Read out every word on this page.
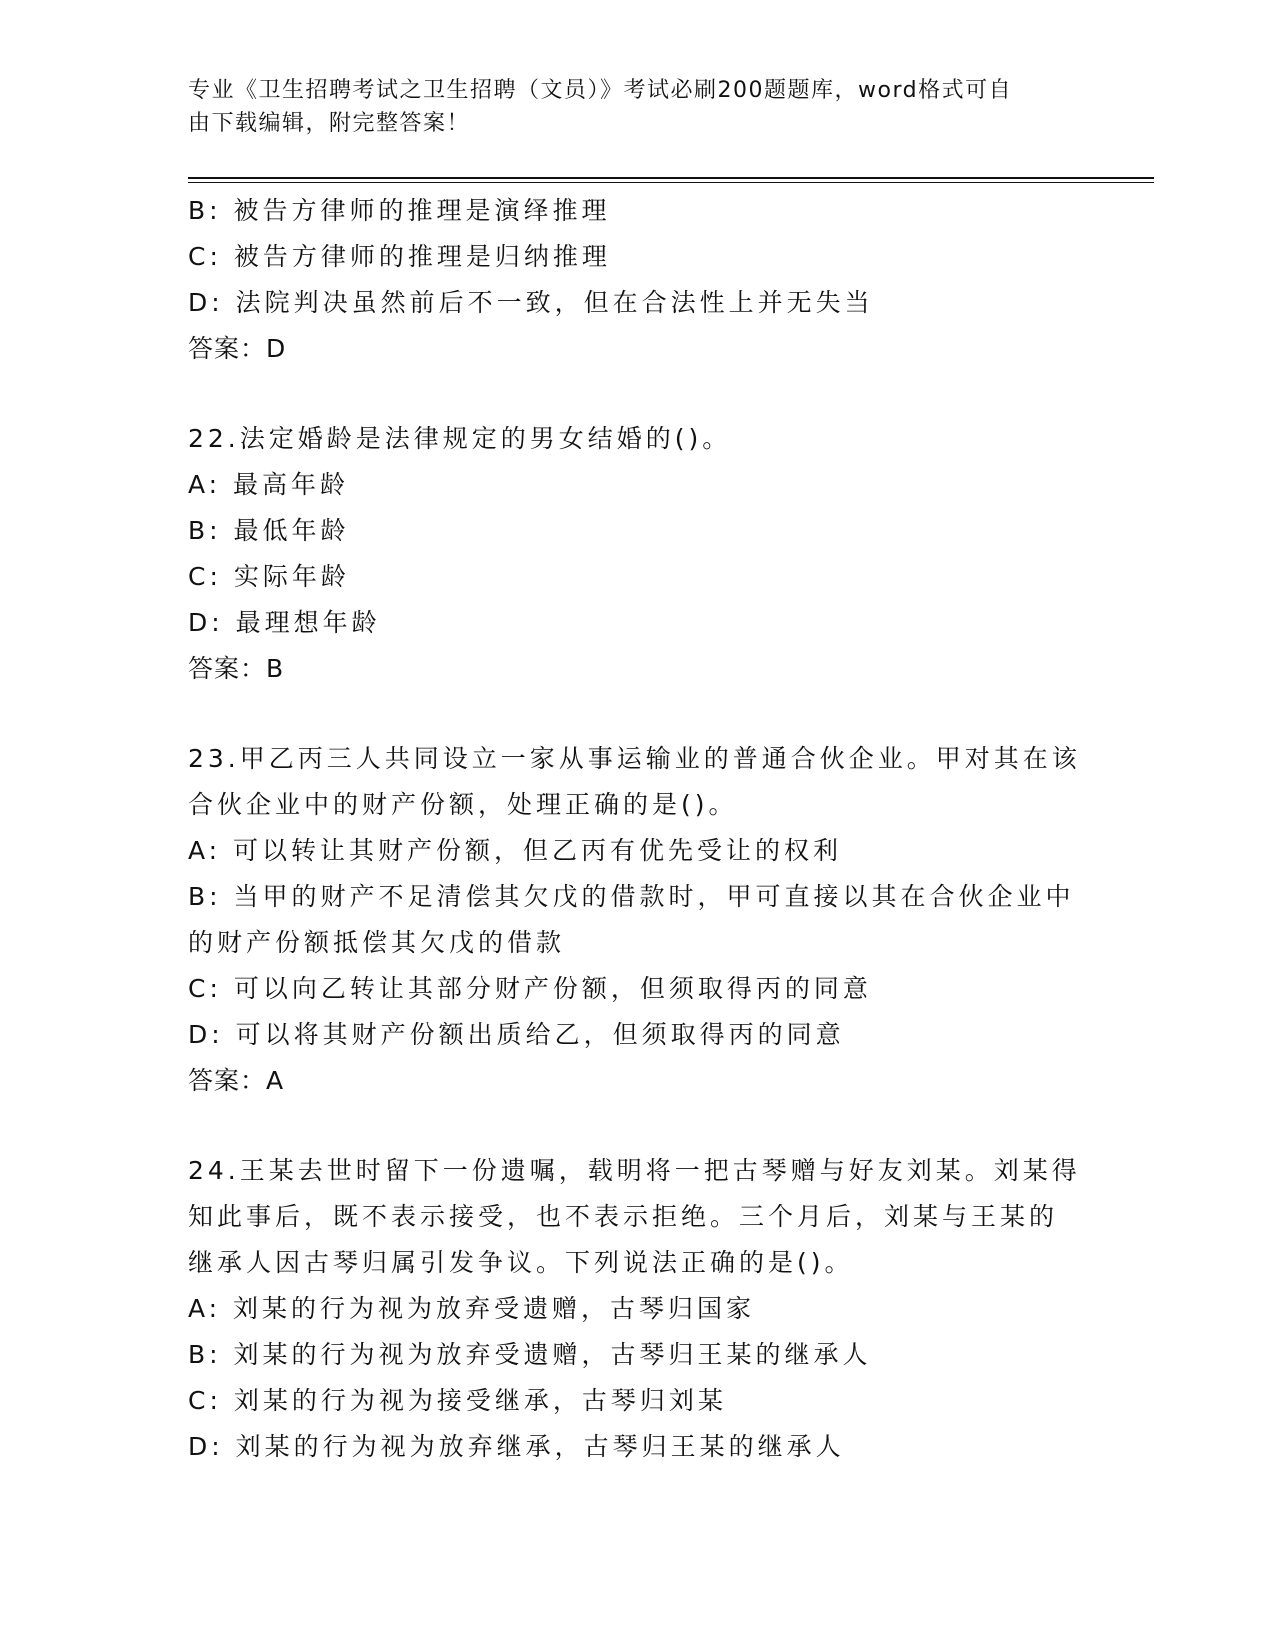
专业《卫生招聘考试之卫生招聘（文员）》考试必刷200题题库，word格式可自
由下载编辑，附完整答案！
B: 被告方律师的推理是演绎推理
C: 被告方律师的推理是归纳推理
D: 法院判决虽然前后不一致，但在合法性上并无失当
答案：D
22.法定婚龄是法律规定的男女结婚的()。
A: 最高年龄
B: 最低年龄
C: 实际年龄
D: 最理想年龄
答案：B
23.甲乙丙三人共同设立一家从事运输业的普通合伙企业。甲对其在该
合伙企业中的财产份额，处理正确的是()。
A: 可以转让其财产份额，但乙丙有优先受让的权利
B: 当甲的财产不足清偿其欠戊的借款时，甲可直接以其在合伙企业中
的财产份额抵偿其欠戊的借款
C: 可以向乙转让其部分财产份额，但须取得丙的同意
D: 可以将其财产份额出质给乙，但须取得丙的同意
答案：A
24.王某去世时留下一份遗嘱，载明将一把古琴赠与好友刘某。刘某得
知此事后，既不表示接受，也不表示拒绝。三个月后，刘某与王某的
继承人因古琴归属引发争议。下列说法正确的是()。
A: 刘某的行为视为放弃受遗赠，古琴归国家
B: 刘某的行为视为放弃受遗赠，古琴归王某的继承人
C: 刘某的行为视为接受继承，古琴归刘某
D: 刘某的行为视为放弃继承，古琴归王某的继承人
